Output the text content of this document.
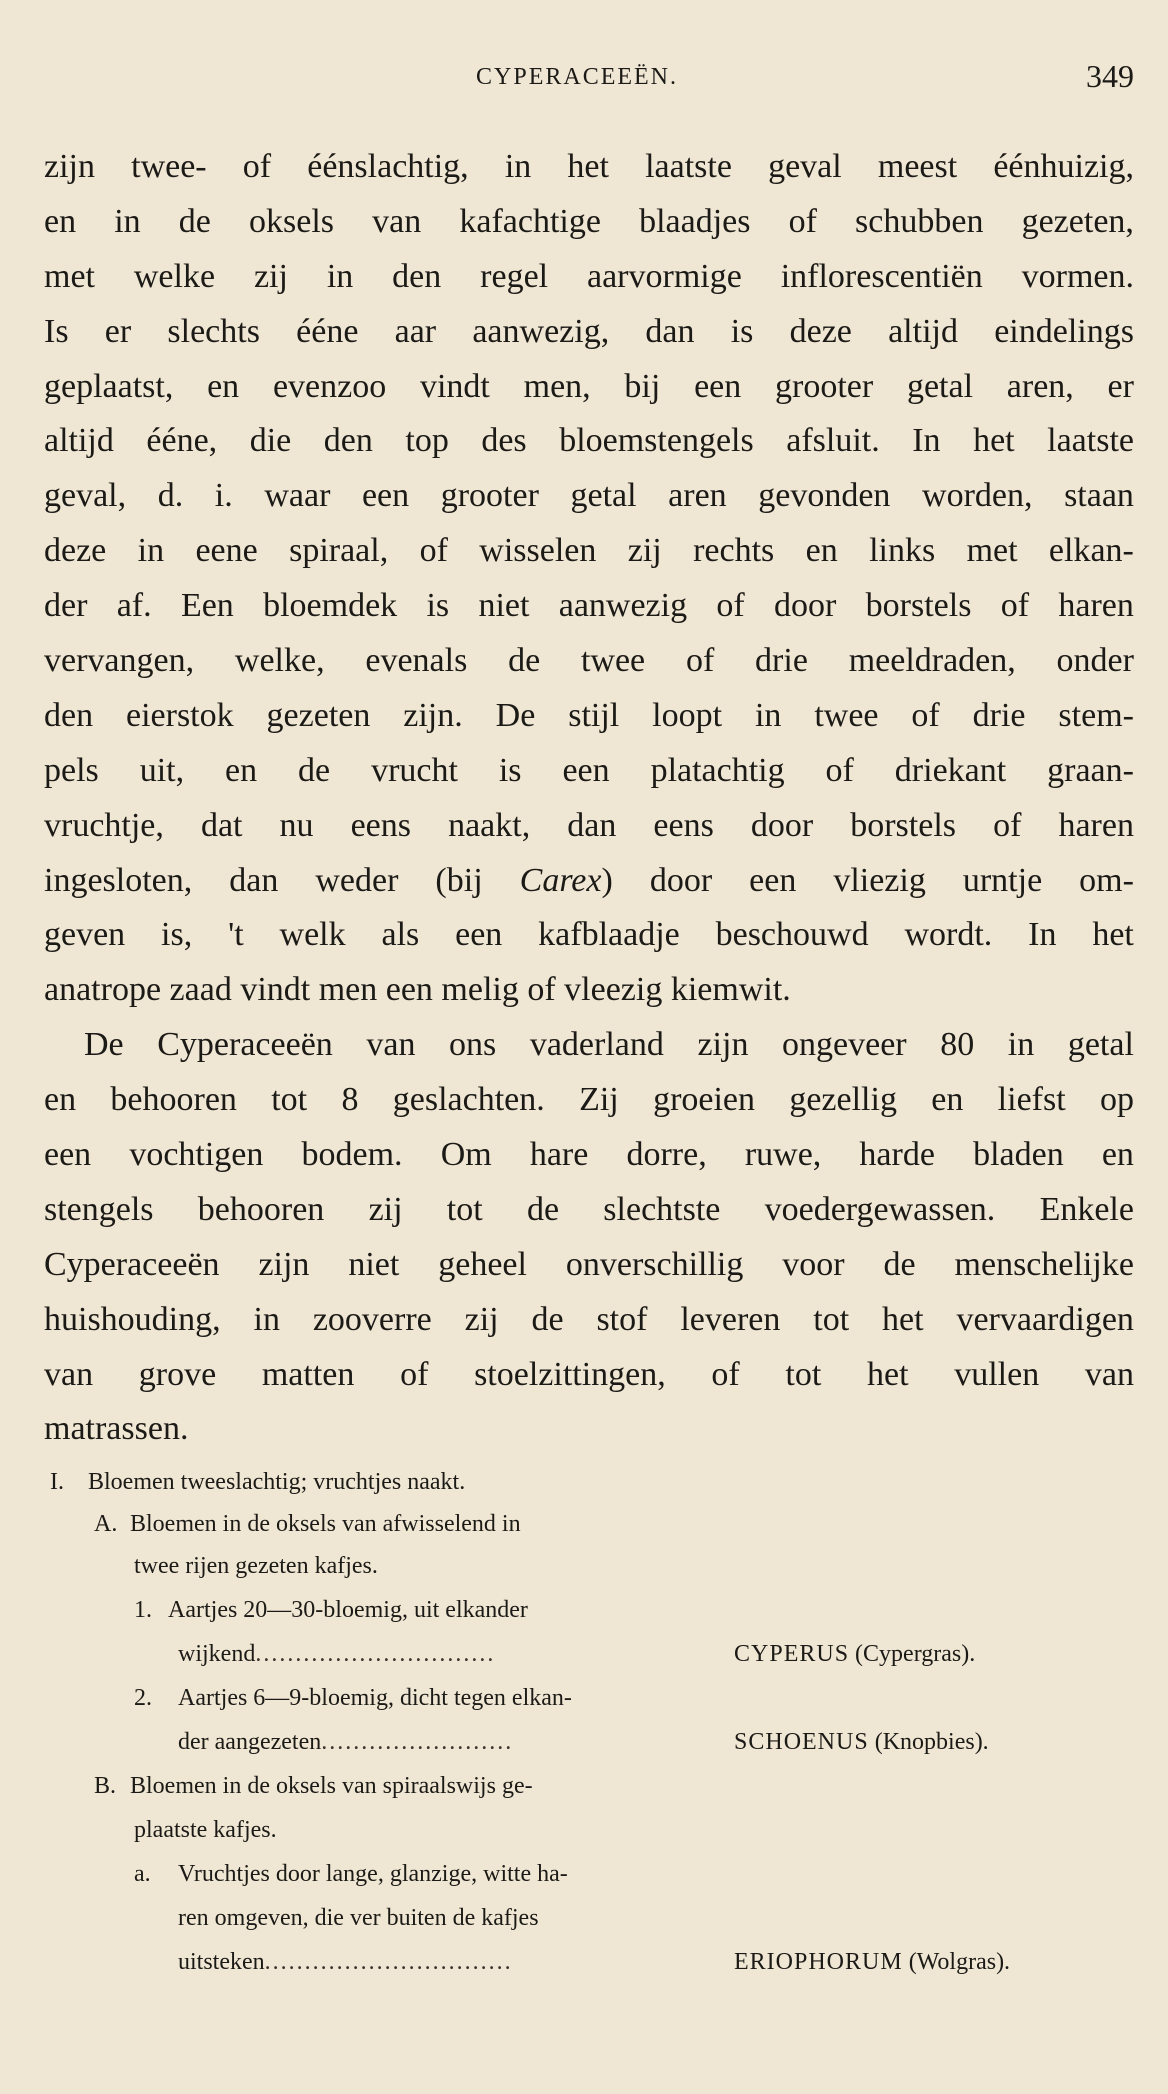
CYPERACEEËN.	349
zijn twee- of éénslachtig, in het laatste geval meest éénhuizig,
en in de oksels van kafachtige blaadjes of schubben gezeten,
met welke zij in den regel aarvormige inflorescentiën vormen.
Is er slechts ééne aar aanwezig, dan is deze altijd eindelings
geplaatst, en evenzoo vindt men, bij een grooter getal aren, er
altijd ééne, die den top des bloemstengels afsluit. In het laatste
geval, d. i. waar een grooter getal aren gevonden worden, staan
deze in eene spiraal, of wisselen zij rechts en links met elkan-
der af. Een bloemdek is niet aanwezig of door borstels of haren
vervangen, welke, evenals de twee of drie meeldraden, onder
den eierstok gezeten zijn. De stijl loopt in twee of drie stem-
pels uit, en de vrucht is een platachtig of driekant graan-
vruchtje, dat nu eens naakt, dan eens door borstels of haren
ingesloten, dan weder (bij Carex) door een vliezig urntje om-
geven is, 't welk als een kafblaadje beschouwd wordt. In het
anatrope zaad vindt men een melig of vleezig kiemwit.
De Cyperaceeën van ons vaderland zijn ongeveer 80 in getal
en behooren tot 8 geslachten. Zij groeien gezellig en liefst op
een vochtigen bodem. Om hare dorre, ruwe, harde bladen en
stengels behooren zij tot de slechtste voedergewassen. Enkele
Cyperaceeën zijn niet geheel onverschillig voor de menschelijke
huishouding, in zooverre zij de stof leveren tot het vervaardigen
van grove matten of stoelzittingen, of tot het vullen van
matrassen.
I. Bloemen tweeslachtig; vruchtjes naakt.
A. Bloemen in de oksels van afwisselend in
twee rijen gezeten kafjes.
1. Aartjes 20—30-bloemig, uit elkander
wijkend..............................	CYPERUS (Cypergras).
2. Aartjes 6—9-bloemig, dicht tegen elkan-
der aangezeten........................	SCHOENUS (Knopbies).
B. Bloemen in de oksels van spiraalswijs ge-
plaatste kafjes.
a. Vruchtjes door lange, glanzige, witte ha-
ren omgeven, die ver buiten de kafjes
uitsteken...............................	ERIOPHORUM (Wolgras).
